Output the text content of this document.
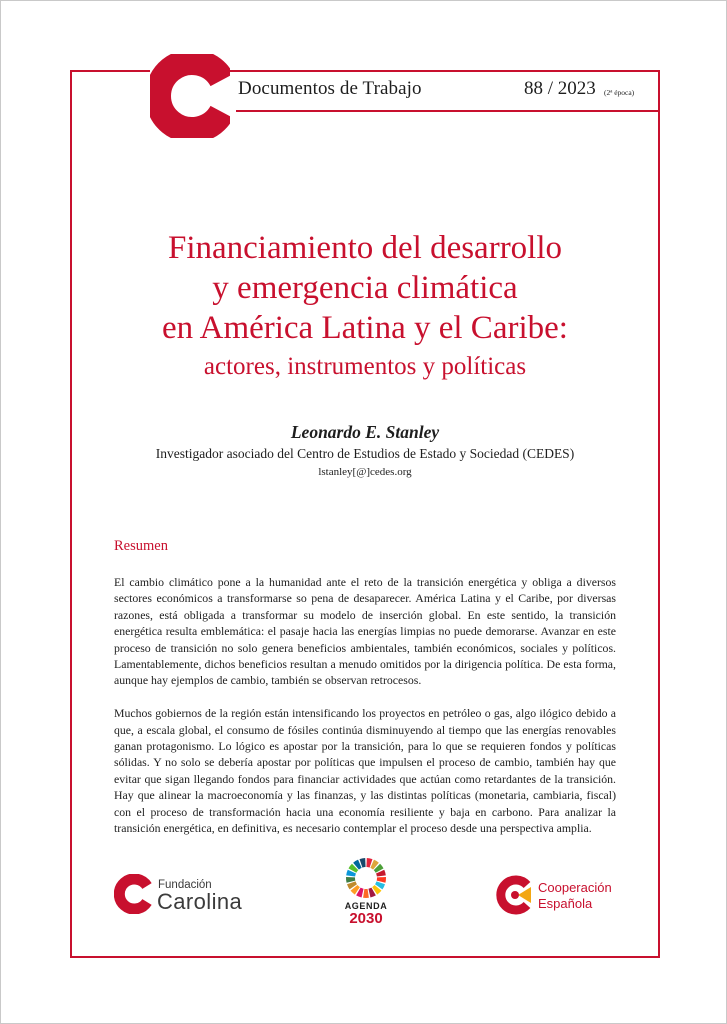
Documentos de Trabajo	88 / 2023 (2ª época)
Financiamiento del desarrollo
y emergencia climática
en América Latina y el Caribe:
actores, instrumentos y políticas
Leonardo E. Stanley
Investigador asociado del Centro de Estudios de Estado y Sociedad (CEDES)
lstanley[@]cedes.org
Resumen

El cambio climático pone a la humanidad ante el reto de la transición energética y obliga a diversos sectores económicos a transformarse so pena de desaparecer. América Latina y el Caribe, por diversas razones, está obligada a transformar su modelo de inserción global. En este sentido, la transición energética resulta emblemática: el pasaje hacia las energías limpias no puede demorarse. Avanzar en este proceso de transición no solo genera beneficios ambientales, también económicos, sociales y políticos. Lamentablemente, dichos beneficios resultan a menudo omitidos por la dirigencia política. De esta forma, aunque hay ejemplos de cambio, también se observan retrocesos.

Muchos gobiernos de la región están intensificando los proyectos en petróleo o gas, algo ilógico debido a que, a escala global, el consumo de fósiles continúa disminuyendo al tiempo que las energías renovables ganan protagonismo. Lo lógico es apostar por la transición, para lo que se requieren fondos y políticas sólidas. Y no solo se debería apostar por políticas que impulsen el proceso de cambio, también hay que evitar que sigan llegando fondos para financiar actividades que actúan como retardantes de la transición. Hay que alinear la macroeconomía y las finanzas, y las distintas políticas (monetaria, cambiaria, fiscal) con el proceso de transformación hacia una economía resiliente y baja en carbono. Para analizar la transición energética, en definitiva, es necesario contemplar el proceso desde una perspectiva amplia.

Fundación
Carolina	AGENDA
2030
Cooperación
Española
